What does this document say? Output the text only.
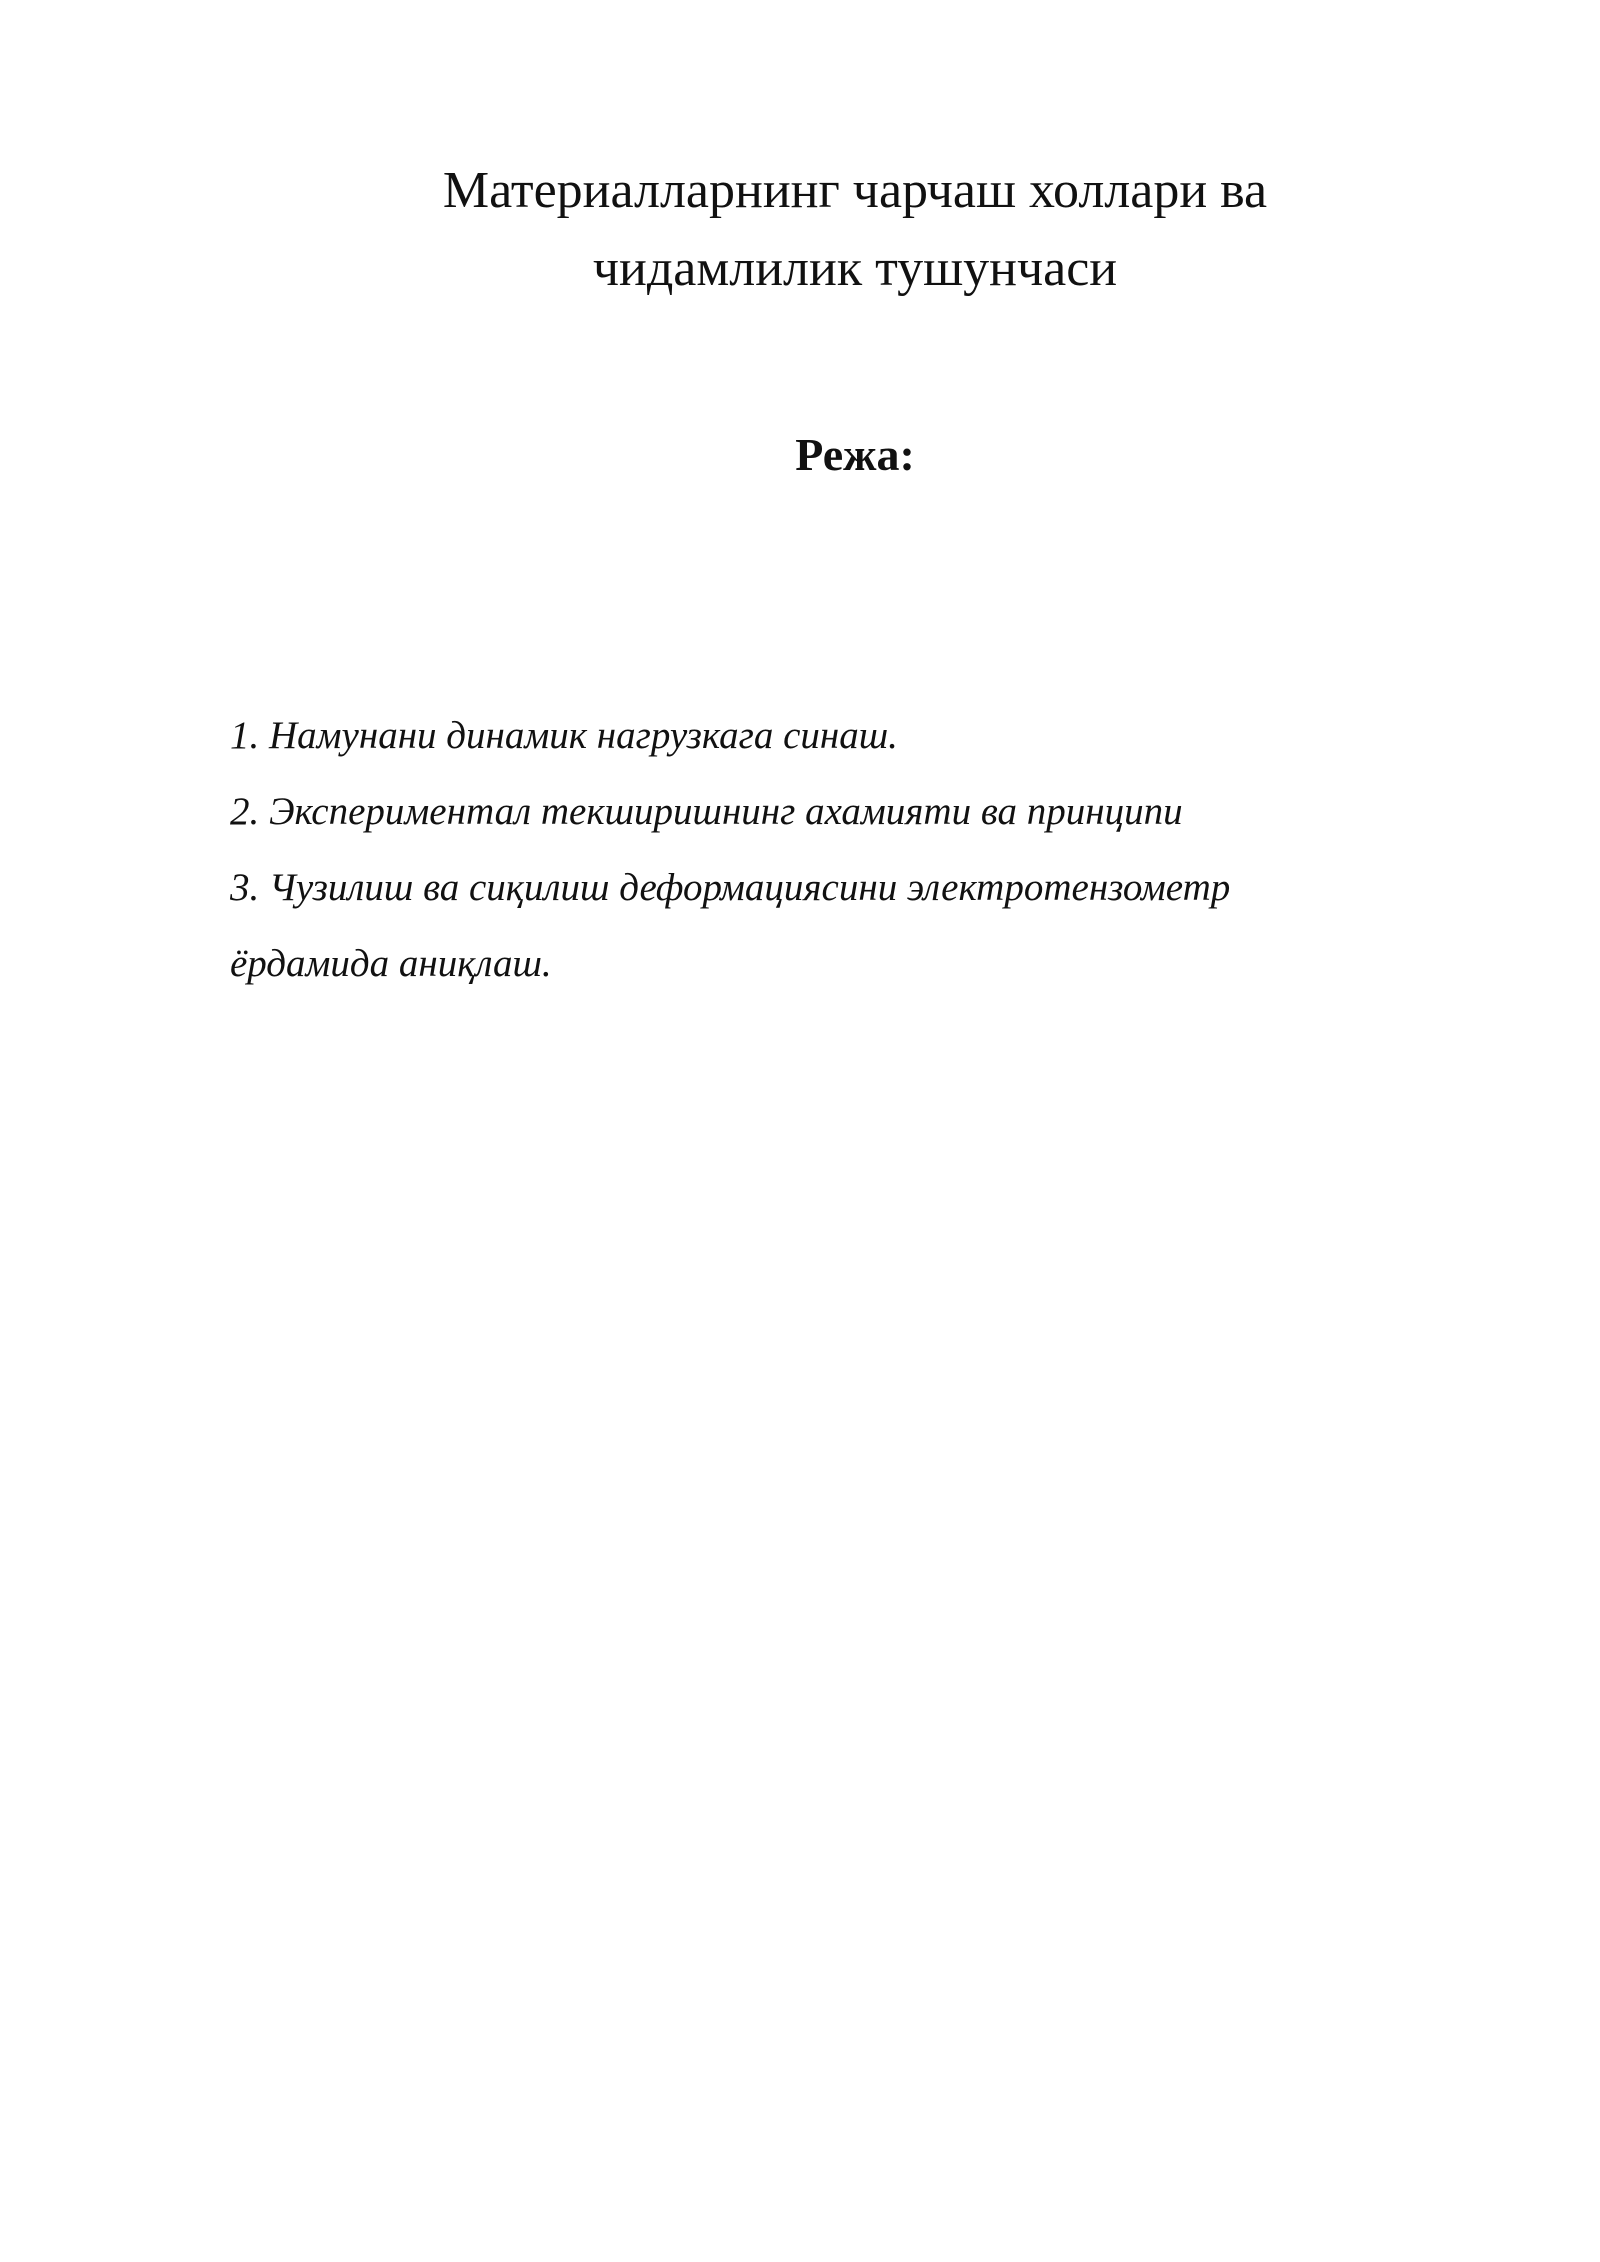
Материалларнинг чарчаш холлари ва
чидамлилик тушунчаси
Режа:
1. Намунани динамик нагрузкага синаш.
2. Экспериментал текширишнинг ахамияти ва принципи
3. Чузилиш ва сиқилиш деформациясини электротензометр
ёрдамида аниқлаш.
